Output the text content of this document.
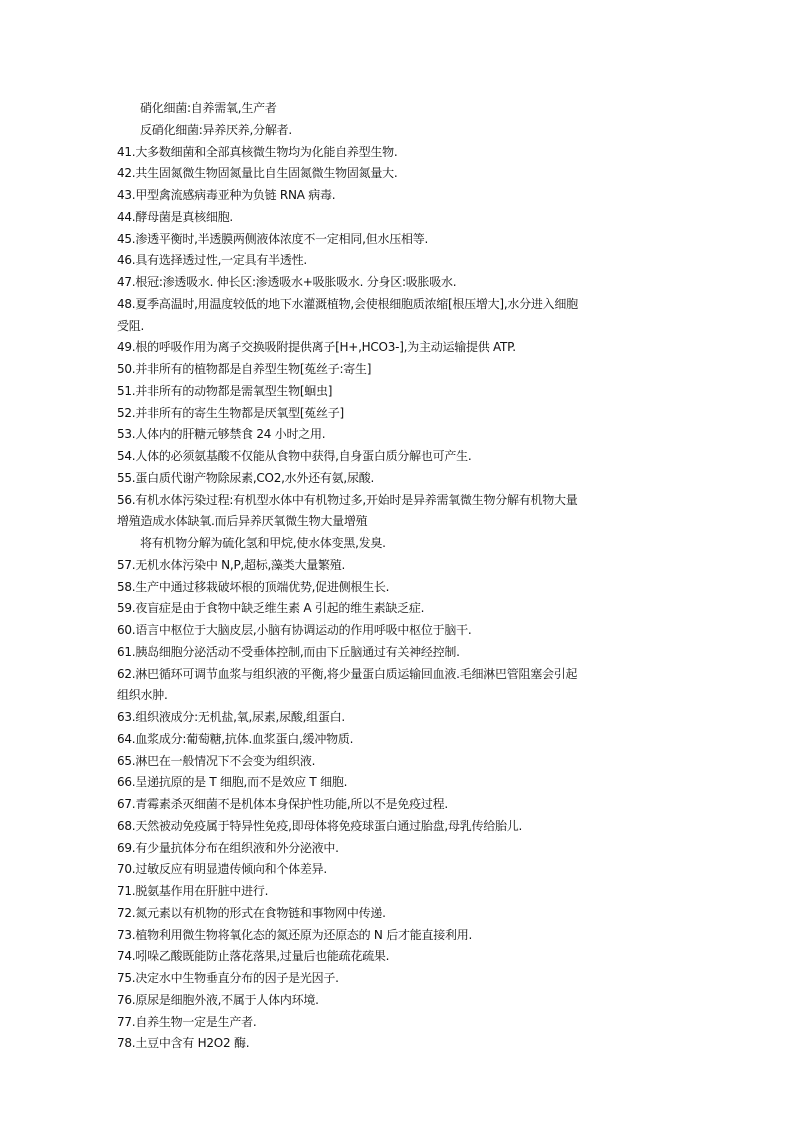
硝化细菌:自养需氧,生产者
反硝化细菌:异养厌养,分解者.
41.大多数细菌和全部真核微生物均为化能自养型生物.
42.共生固氮微生物固氮量比自生固氮微生物固氮量大.
43.甲型禽流感病毒亚种为负链 RNA 病毒.
44.酵母菌是真核细胞.
45.渗透平衡时,半透膜两侧液体浓度不一定相同,但水压相等.
46.具有选择透过性,一定具有半透性.
47.根冠:渗透吸水. 伸长区:渗透吸水+吸胀吸水. 分身区:吸胀吸水.
48.夏季高温时,用温度较低的地下水灌溉植物,会使根细胞质浓缩[根压增大],水分进入细胞
受阻.
49.根的呼吸作用为离子交换吸附提供离子[H+,HCO3-],为主动运输提供 ATP.
50.并非所有的植物都是自养型生物[菟丝子:寄生]
51.并非所有的动物都是需氧型生物[蛔虫]
52.并非所有的寄生生物都是厌氧型[菟丝子]
53.人体内的肝糖元够禁食 24 小时之用.
54.人体的必须氨基酸不仅能从食物中获得,自身蛋白质分解也可产生.
55.蛋白质代谢产物除尿素,CO2,水外还有氨,尿酸.
56.有机水体污染过程:有机型水体中有机物过多,开始时是异养需氧微生物分解有机物大量
增殖造成水体缺氧.而后异养厌氧微生物大量增殖
将有机物分解为硫化氢和甲烷,使水体变黑,发臭.
57.无机水体污染中 N,P,超标,藻类大量繁殖.
58.生产中通过移栽破坏根的顶端优势,促进侧根生长.
59.夜盲症是由于食物中缺乏维生素 A 引起的维生素缺乏症.
60.语言中枢位于大脑皮层,小脑有协调运动的作用呼吸中枢位于脑干.
61.胰岛细胞分泌活动不受垂体控制,而由下丘脑通过有关神经控制.
62.淋巴循环可调节血浆与组织液的平衡,将少量蛋白质运输回血液.毛细淋巴管阻塞会引起
组织水肿.
63.组织液成分:无机盐,氧,尿素,尿酸,组蛋白.
64.血浆成分:葡萄糖,抗体.血浆蛋白,缓冲物质.
65.淋巴在一般情况下不会变为组织液.
66.呈递抗原的是 T 细胞,而不是效应 T 细胞.
67.青霉素杀灭细菌不是机体本身保护性功能,所以不是免疫过程.
68.天然被动免疫属于特异性免疫,即母体将免疫球蛋白通过胎盘,母乳传给胎儿.
69.有少量抗体分布在组织液和外分泌液中.
70.过敏反应有明显遗传倾向和个体差异.
71.脱氨基作用在肝脏中进行.
72.氮元素以有机物的形式在食物链和事物网中传递.
73.植物利用微生物将氧化态的氮还原为还原态的 N 后才能直接利用.
74.吲哚乙酸既能防止落花落果,过量后也能疏花疏果.
75.决定水中生物垂直分布的因子是光因子.
76.原尿是细胞外液,不属于人体内环境.
77.自养生物一定是生产者.
78.土豆中含有 H2O2 酶.
